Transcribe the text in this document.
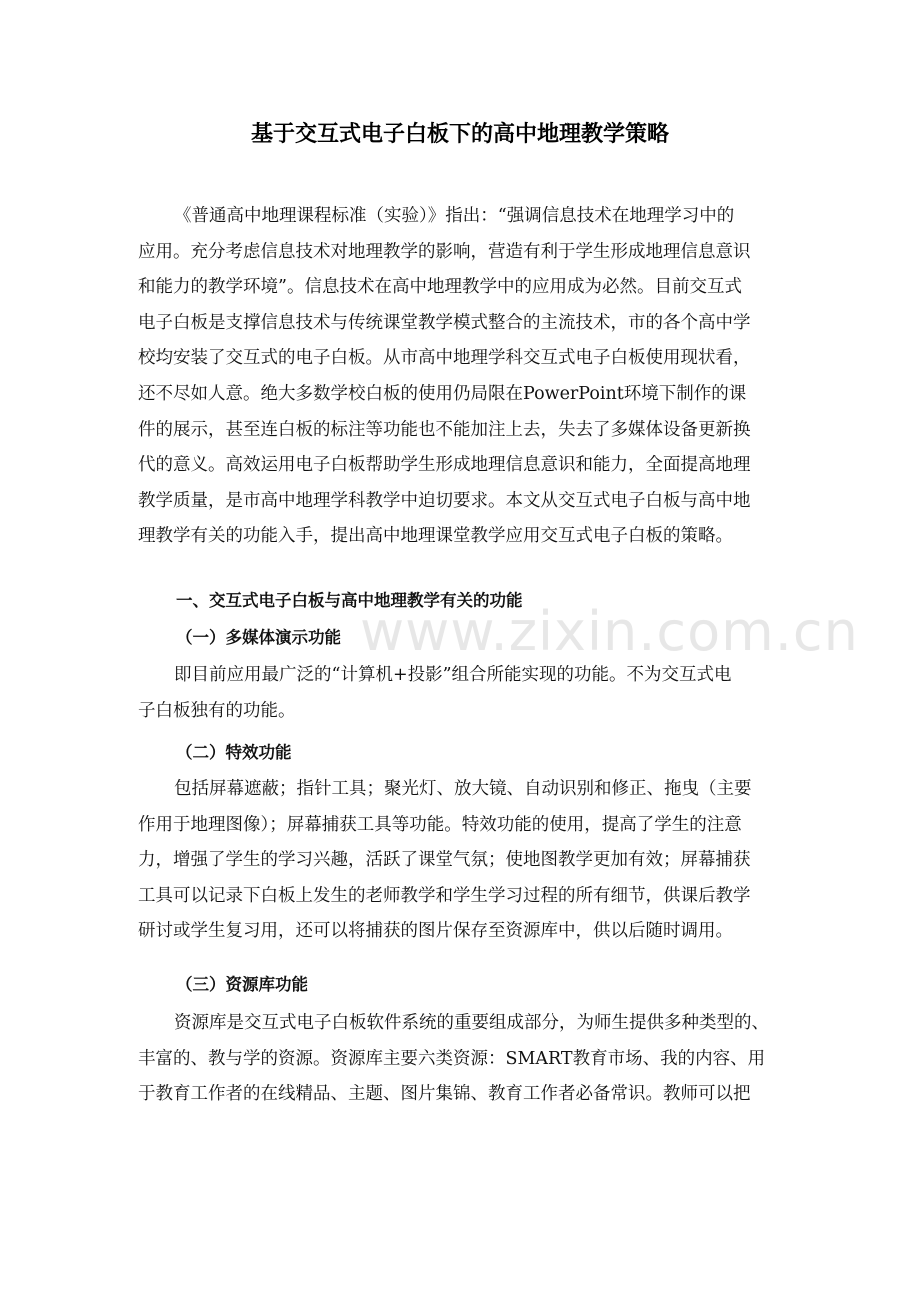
基于交互式电子白板下的高中地理教学策略
《普通高中地理课程标准（实验）》指出：“强调信息技术在地理学习中的
应用。充分考虑信息技术对地理教学的影响，营造有利于学生形成地理信息意识
和能力的教学环境”。信息技术在高中地理教学中的应用成为必然。目前交互式
电子白板是支撑信息技术与传统课堂教学模式整合的主流技术，市的各个高中学
校均安装了交互式的电子白板。从市高中地理学科交互式电子白板使用现状看，
还不尽如人意。绝大多数学校白板的使用仍局限在PowerPoint环境下制作的课
件的展示，甚至连白板的标注等功能也不能加注上去，失去了多媒体设备更新换
代的意义。高效运用电子白板帮助学生形成地理信息意识和能力，全面提高地理
教学质量，是市高中地理学科教学中迫切要求。本文从交互式电子白板与高中地
理教学有关的功能入手，提出高中地理课堂教学应用交互式电子白板的策略。
一、交互式电子白板与高中地理教学有关的功能
（一）多媒体演示功能
即目前应用最广泛的“计算机+投影”组合所能实现的功能。不为交互式电
子白板独有的功能。
（二）特效功能
包括屏幕遮蔽；指针工具；聚光灯、放大镜、自动识别和修正、拖曳（主要
作用于地理图像）；屏幕捕获工具等功能。特效功能的使用，提高了学生的注意
力，增强了学生的学习兴趣，活跃了课堂气氛；使地图教学更加有效；屏幕捕获
工具可以记录下白板上发生的老师教学和学生学习过程的所有细节，供课后教学
研讨或学生复习用，还可以将捕获的图片保存至资源库中，供以后随时调用。
（三）资源库功能
资源库是交互式电子白板软件系统的重要组成部分，为师生提供多种类型的、
丰富的、教与学的资源。资源库主要六类资源：SMART教育市场、我的内容、用
于教育工作者的在线精品、主题、图片集锦、教育工作者必备常识。教师可以把
www.zixin.com.cn
